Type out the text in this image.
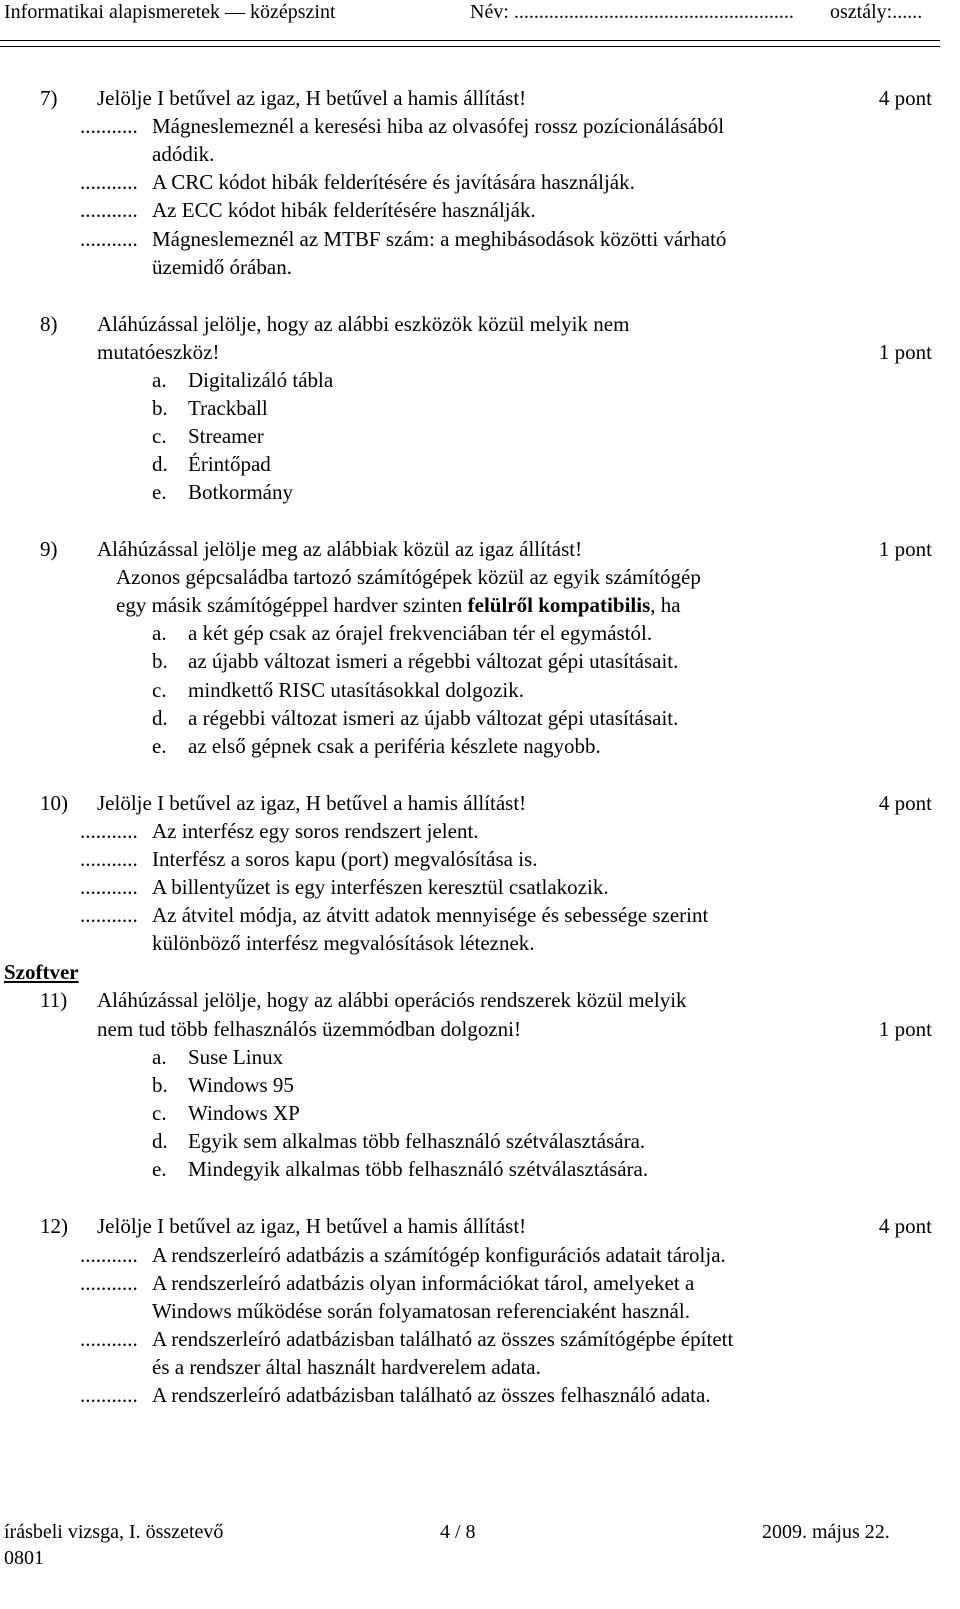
Informatikai alapismeretek — középszint	Név: ........................................................ osztály:......
7) Jelölje I betűvel az igaz, H betűvel a hamis állítást!	4 pont
........... Mágneslemeznél a keresési hiba az olvasófej rossz pozícionálásából
adódik.
........... A CRC kódot hibák felderítésére és javítására használják.
........... Az ECC kódot hibák felderítésére használják.
........... Mágneslemeznél az MTBF szám: a meghibásodások közötti várható
üzemidő órában.
8) Aláhúzással jelölje, hogy az alábbi eszközök közül melyik nem
mutatóeszköz!	1 pont
a. Digitalizáló tábla
b. Trackball
c. Streamer
d. Érintőpad
e. Botkormány
9) Aláhúzással jelölje meg az alábbiak közül az igaz állítást!	1 pont
Azonos gépcsaládba tartozó számítógépek közül az egyik számítógép
egy másik számítógéppel hardver szinten felülről kompatibilis, ha
a. a két gép csak az órajel frekvenciában tér el egymástól.
b. az újabb változat ismeri a régebbi változat gépi utasításait.
c. mindkettő RISC utasításokkal dolgozik.
d. a régebbi változat ismeri az újabb változat gépi utasításait.
e. az első gépnek csak a periféria készlete nagyobb.
10) Jelölje I betűvel az igaz, H betűvel a hamis állítást!	4 pont
........... Az interfész egy soros rendszert jelent.
........... Interfész a soros kapu (port) megvalósítása is.
........... A billentyűzet is egy interfészen keresztül csatlakozik.
........... Az átvitel módja, az átvitt adatok mennyisége és sebessége szerint
különböző interfész megvalósítások léteznek.
Szoftver
11) Aláhúzással jelölje, hogy az alábbi operációs rendszerek közül melyik
nem tud több felhasználós üzemmódban dolgozni!	1 pont
a. Suse Linux
b. Windows 95
c. Windows XP
d. Egyik sem alkalmas több felhasználó szétválasztására.
e. Mindegyik alkalmas több felhasználó szétválasztására.
12) Jelölje I betűvel az igaz, H betűvel a hamis állítást!	4 pont
........... A rendszerleíró adatbázis a számítógép konfigurációs adatait tárolja.
........... A rendszerleíró adatbázis olyan információkat tárol, amelyeket a
Windows működése során folyamatosan referenciaként használ.
........... A rendszerleíró adatbázisban található az összes számítógépbe épített
és a rendszer által használt hardverelem adata.
........... A rendszerleíró adatbázisban található az összes felhasználó adata.
írásbeli vizsga, I. összetevő
0801
4 / 8	2009. május 22.
